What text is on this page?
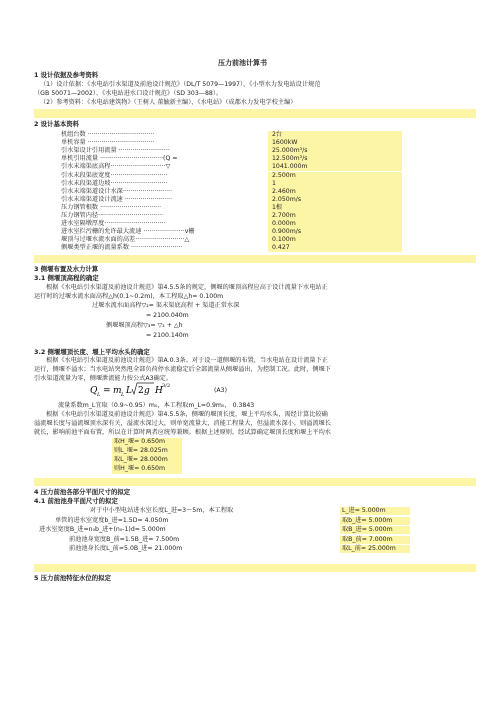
压力前池计算书
1 设计依据及参考资料
（1）设计依据：《水电站引水渠道及前池设计规范》（DL/T 5079—1997）、《小型水力发电站设计规范
（GB 50071—2002）、《水电站进水口设计规范》（SD 303—88）。
（2）参考资料：《水电站建筑物》（王树人 董毓新主编）、《水电站》（成都水力发电学校主编）
2 设计基本资料
机组台数 ··································	2台
单机容量 ··································	1600kW
引水渠设计引用流量 ··························	25.000m³/s
单机引用流量 ································(Q =	12.500m³/s
引水末端渠底高程····························▽	1041.000m
引水末段渠底宽度·····························	2.500m
引水末段渠道边坡·····························	1
引水末端渠道设计水深·························	2.460m
引水末端渠道设计流速 ························	2.050m/s
压力钢管根数 ·······························	1根
压力钢管内径·································	2.700m
进水室隔墩厚度·······························	0.000m
进水室拦污栅的允许最大流速 ·····················v栅	0.900m/s
堰顶与过堰水流水面的高差·························△	0.100m
侧堰类型正堰的流量系数 ··························	0.427
3 侧堰布置及水力计算
3.1 侧堰顶高程的确定
根据《水电站引水渠道及前池设计规范》第4.5.5条的规定，侧堰的堰顶高程应高于设计流量下水电站正
运行时的过堰水流水面高程△h(0.1~0.2m)，本工程取△h= 0.100m
过堰水流水面高程▽₂= 渠末渠底高程 + 渠道正常水深
= 2100.040m
侧堰堰顶高程▽₃= ▽₂ + △h
= 2100.140m
3.2 侧堰堰顶长度、堰上平均水头的确定
根据《水电站引水渠道及前池设计规范》第A.0.3条。对于设一道侧堰的布置，当水电站在设计流量下正
运行，侧堰不溢水；当水电站突然甩全部负荷停水流稳定后全部流量从侧堰溢出，为控制工况。此时，侧堰下
引水渠道流量为零，侧堰泄流能力按公式A3确定。
Q L = m L L 2 g H 3/2
(A3)
流量系数m_L宜取（0.9~0.95）m₀，本工程取m_L=0.9m₀， 0.3843
根据《水电站引水渠道及前池设计规范》第4.5.5条，侧堰的堰顶长度，堰上平均水头，需经计算比较确
溢流堰长度与溢流堰顶水深有关，溢流水深过大，则单宽流量大，消能工程量大，但溢流水深小，则溢流堰长
就长，影响前池平面布置，所以在计算时两者应统筹兼顾。根据上述原则，经试算确定堰顶长度和堰上平均水
取H_堰= 0.650m
则L_堰= 28.025m
取L_堰= 28.000m
则H_堰= 0.650m
4 压力前池各部分平面尺寸的拟定
4.1 前池池身平面尺寸的拟定
对于中小型电站进水室长度L_进=3～5m，本工程取	L_进= 5.000m
单管的进水室宽度b_进=1.5D= 4.050m	取b_进= 5.000m
进水室宽度B_进=n₀b_进+(n₀-1)d= 5.000m	取B_进= 5.000m
前池池身宽度B_前=1.5B_进= 7.500m	取B_前= 7.000m
前池池身长度L_前=5.0B_进= 21.000m	取L_前= 25.000m
5 压力前池特征水位的拟定
